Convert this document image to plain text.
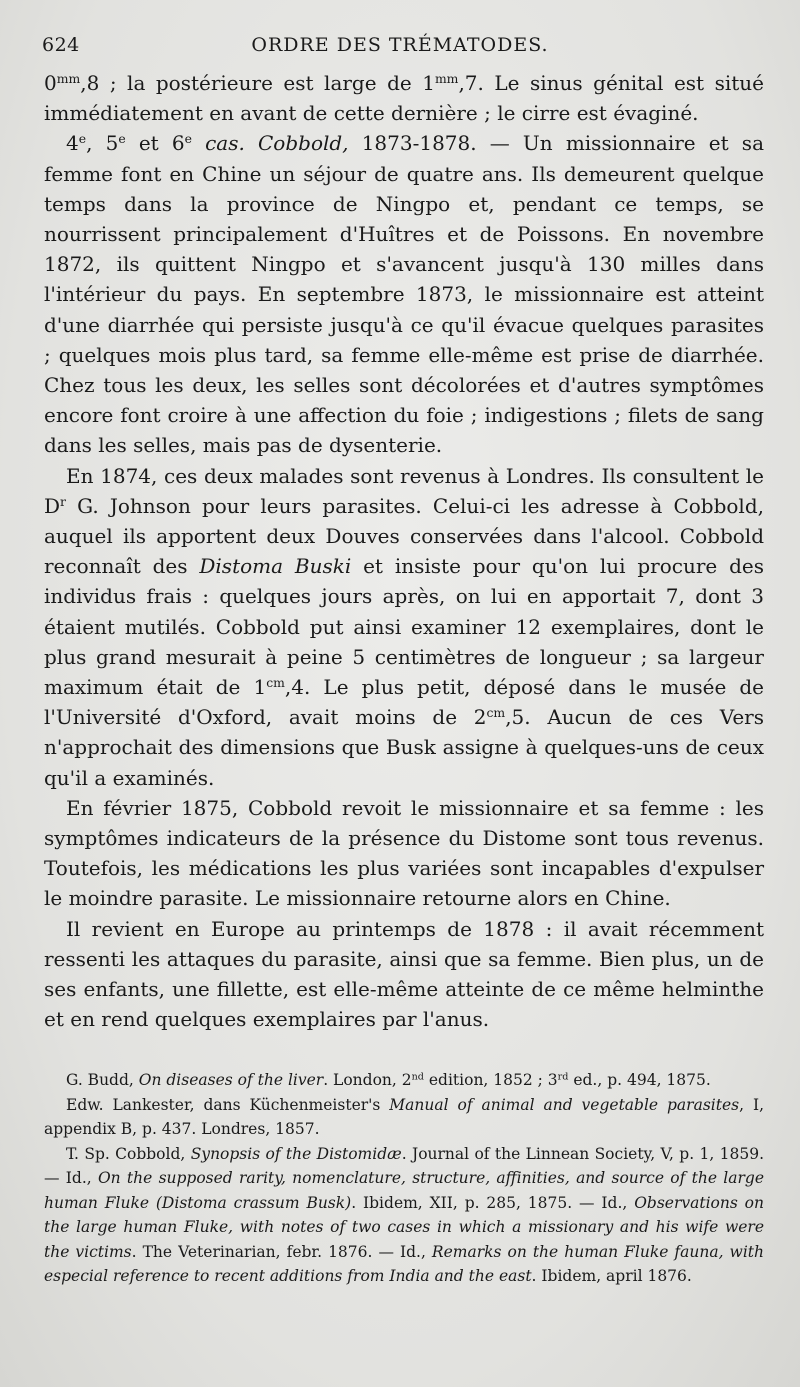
624	ORDRE DES TRÉMATODES.

$0^{mm},8$ ; la postérieure est large de $1^{mm},7$. Le sinus génital est situé immédiatement en avant de cette dernière ; le cirre est évaginé.

4e, 5e et 6e cas. Cobbold, 1873-1878. — Un missionnaire et sa femme font en Chine un séjour de quatre ans. Ils demeurent quelque temps dans la province de Ningpo et, pendant ce temps, se nourrissent principalement d'Huîtres et de Poissons. En novembre 1872, ils quittent Ningpo et s'avancent jusqu'à 130 milles dans l'intérieur du pays. En septembre 1873, le missionnaire est atteint d'une diarrhée qui persiste jusqu'à ce qu'il évacue quelques parasites ; quelques mois plus tard, sa femme elle-même est prise de diarrhée. Chez tous les deux, les selles sont décolorées et d'autres symptômes encore font croire à une affection du foie ; indigestions ; filets de sang dans les selles, mais pas de dysenterie.

En 1874, ces deux malades sont revenus à Londres. Ils consultent le $D^r$ G. Johnson pour leurs parasites. Celui-ci les adresse à Cobbold, auquel ils apportent deux Douves conservées dans l'alcool. Cobbold reconnaît des Distoma Buski et insiste pour qu'on lui procure des individus frais : quelques jours après, on lui en apportait 7, dont 3 étaient mutilés. Cobbold put ainsi examiner 12 exemplaires, dont le plus grand mesurait à peine 5 centimètres de longueur ; sa largeur maximum était de $1^{cm},4$. Le plus petit, déposé dans le musée de l'Université d'Oxford, avait moins de $2^{cm},5$. Aucun de ces Vers n'approchait des dimensions que Busk assigne à quelques-uns de ceux qu'il a examinés.

En février 1875, Cobbold revoit le missionnaire et sa femme : les symptômes indicateurs de la présence du Distome sont tous revenus. Toutefois, les médications les plus variées sont incapables d'expulser le moindre parasite. Le missionnaire retourne alors en Chine.

Il revient en Europe au printemps de 1878 : il avait récemment ressenti les attaques du parasite, ainsi que sa femme. Bien plus, un de ses enfants, une fillette, est elle-même atteinte de ce même helminthe et en rend quelques exemplaires par l'anus.

G. Budd, On diseases of the liver. London, 2nd edition, 1852 ; 3rd ed., p. 494, 1875.

Edw. Lankester, dans Küchenmeister's Manual of animal and vegetable parasites, I, appendix B, p. 437. Londres, 1857.

T. Sp. Cobbold, Synopsis of the Distomidæ. Journal of the Linnean Society, V, p. 1, 1859. — Id., On the supposed rarity, nomenclature, structure, affinities, and source of the large human Fluke (Distoma crassum Busk). Ibidem, XII, p. 285, 1875. — Id., Observations on the large human Fluke, with notes of two cases in which a missionary and his wife were the victims. The Veterinarian, febr. 1876. — Id., Remarks on the human Fluke fauna, with especial reference to recent additions from India and the east. Ibidem, april 1876.
